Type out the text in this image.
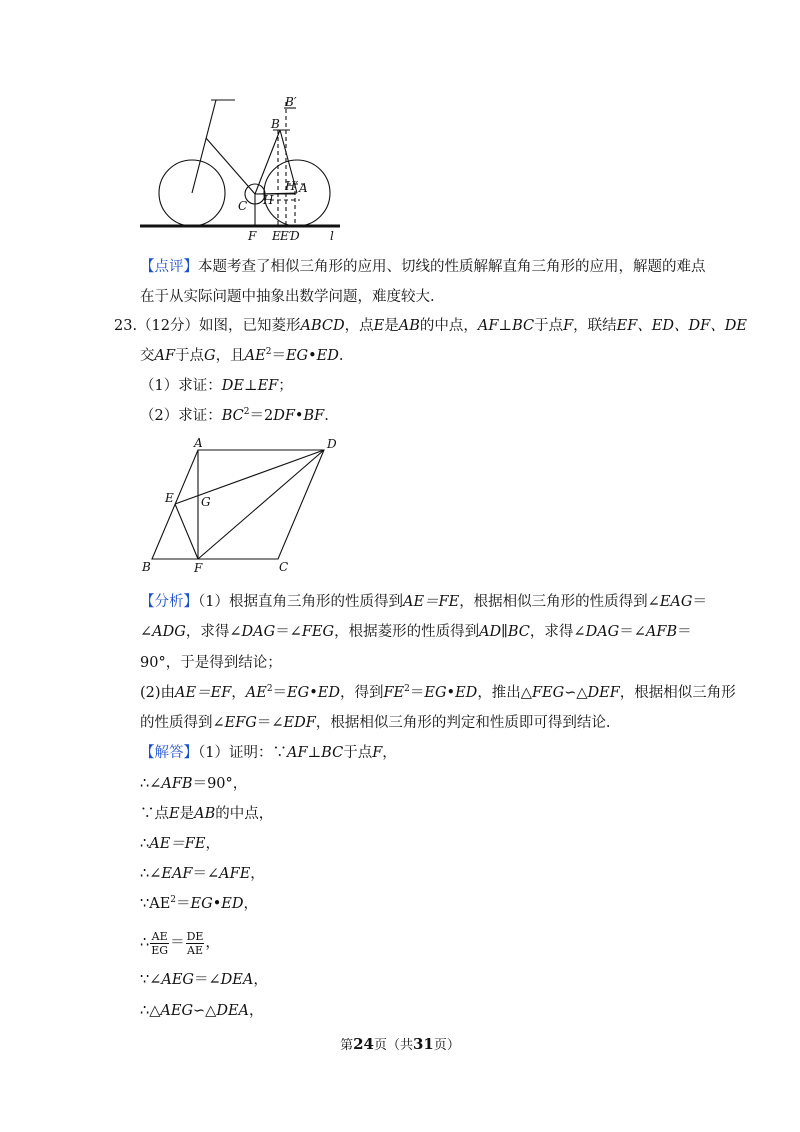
B′
B
H′ A
C H
F E E′
D	l
【点评】本题考查了相似三角形的应用、切线的性质解解直角三角形的应用，解题的难点
在于从实际问题中抽象出数学问题，难度较大.
23.（12分）如图，已知菱形ABCD，点E是AB的中点，AF⊥BC于点F，联结EF、ED、DF、DE
交AF于点G，且$AE^2=EG•ED$.
（1）求证：DE⊥EF；
（2）求证：$BC^2=2DF•BF$.
A	D
E G
B	F	C
【分析】（1）根据直角三角形的性质得到AE＝FE，根据相似三角形的性质得到∠EAG＝
∠ADG，求得∠DAG＝∠FEG，根据菱形的性质得到AD∥BC，求得∠DAG＝∠AFB＝
90°，于是得到结论；
(2)由AE＝EF，$AE^2=EG•ED$，得到$FE^2=EG•ED$，推出△FEG∽△DEF，根据相似三角形
的性质得到∠EFG＝∠EDF，根据相似三角形的判定和性质即可得到结论.
【解答】（1）证明：∵AF⊥BC于点F，
∴∠AFB＝90°，
∵点E是AB的中点，
∴AE＝FE，
∴∠EAF＝∠AFE，
$\because AE^2=EG•ED$，
∴ $\frac{AE}{EG} = \frac{DE}{AE}$ ，
∵∠AEG＝∠DEA，
∴△AEG∽△DEA，
第24页（共31页）
